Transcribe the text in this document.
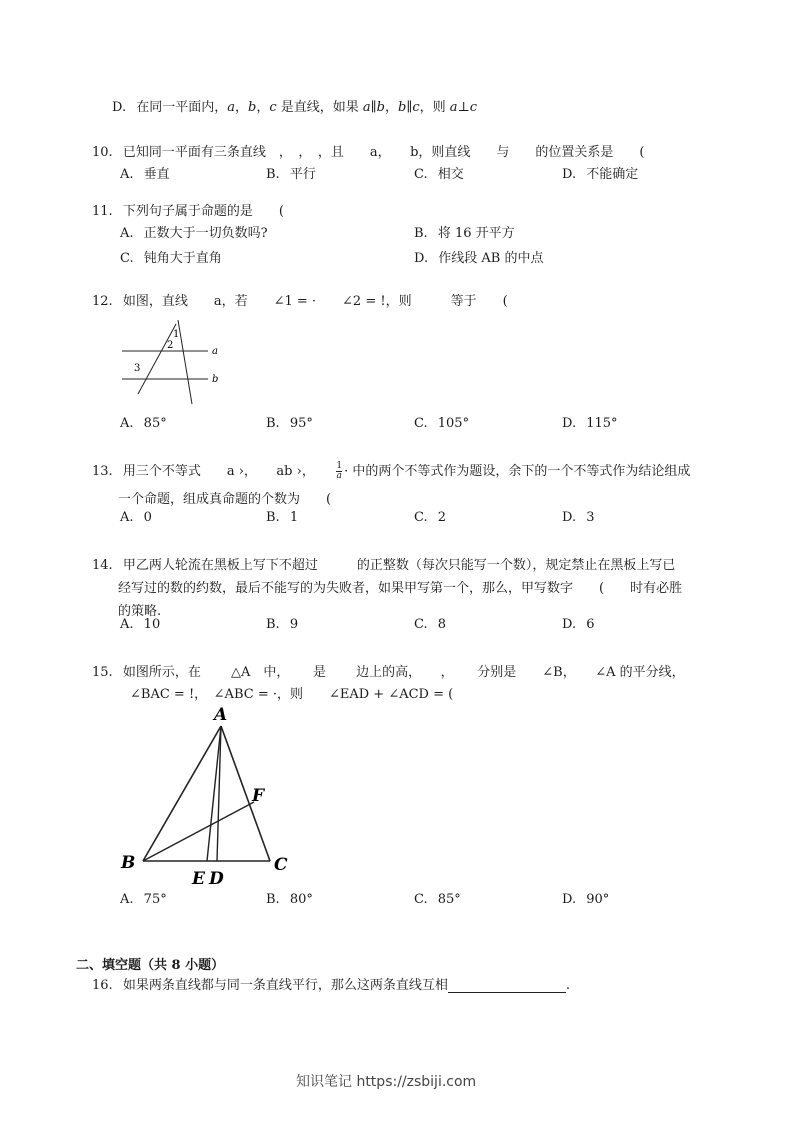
D. 在同一平面内，a，b，c 是直线，如果 a∥b，b∥c，则 a⊥c
10. 已知同一平面有三条直线　，　，　，且　　a，　　b，则直线　　与　　的位置关系是　　(
A. 垂直	B. 平行	C. 相交	D. 不能确定
11. 下列句子属于命题的是　　(
A. 正数大于一切负数吗?	B. 将 16 开平方
C. 钝角大于直角	D. 作线段 AB 的中点
12. 如图，直线　　a，若　　∠1 = ·　　∠2 = !，则　　　等于　　(
1
2
3
a
b
A. 85°	B. 95°	C. 105°	D. 115°
13. 用三个不等式　　a ›，　　ab ›，　　 $\frac{1}{a}$ · 中的两个不等式作为题设，余下的一个不等式作为结论组成
一个命题，组成真命题的个数为　　(
A. 0	B. 1	C. 2	D. 3
14. 甲乙两人轮流在黑板上写下不超过　　　的正整数（每次只能写一个数），规定禁止在黑板上写已
经写过的数的约数，最后不能写的为失败者，如果甲写第一个，那么，甲写数字　　(　　时有必胜
的策略.
A. 10	B. 9	C. 8	D. 6
15. 如图所示，在　　 △A　中，　　 是　　 边上的高，　　，　　 分别是　　∠B，　　∠A 的平分线，
∠BAC = !，　∠ABC = ·，则　　∠EAD + ∠ACD = (
A
B	C
E D
F
A. 75°	B. 80°	C. 85°	D. 90°
二、填空题（共 8 小题）
16. 如果两条直线都与同一条直线平行，那么这两条直线互相	.
知识笔记 https://zsbiji.com
